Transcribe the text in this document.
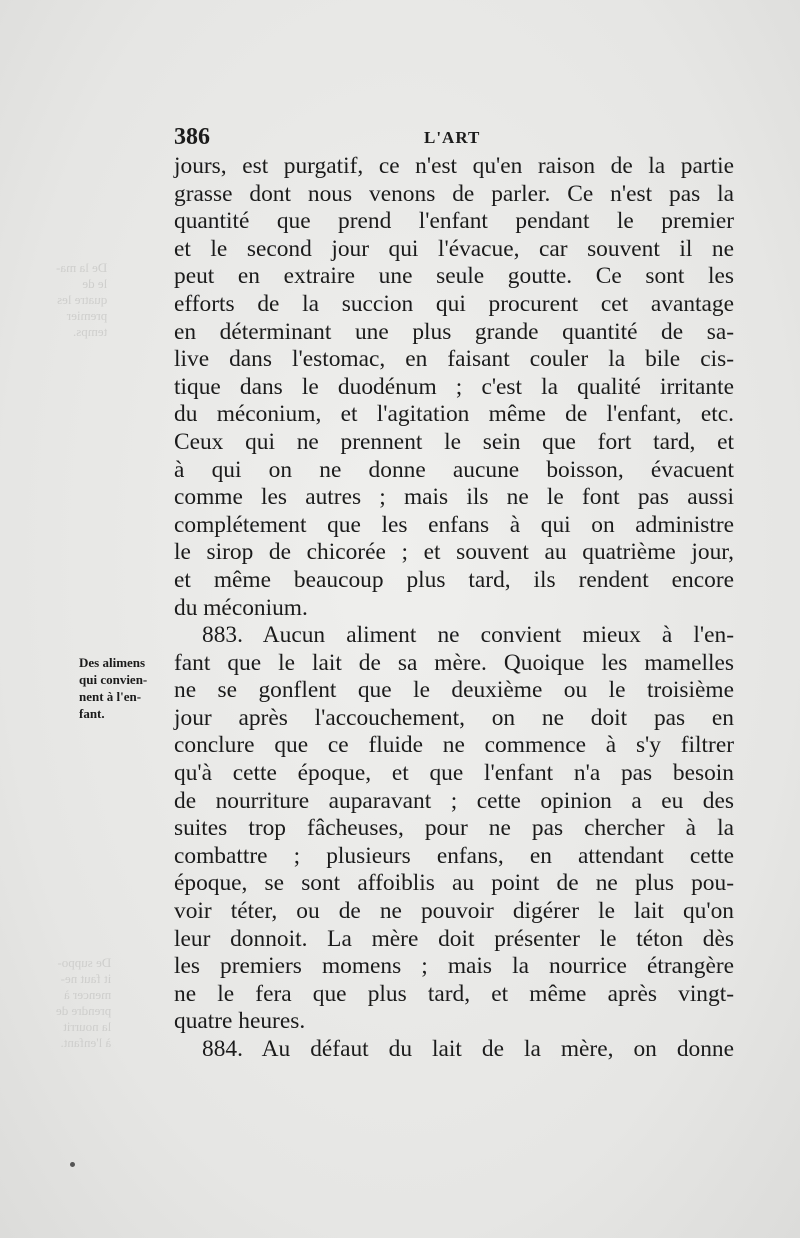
De la ma-
le de
quatre les
premier
temps.
De suppo-
it faut ne-
mencer à
prendre de
la nourrit
à l'enfant.
386	L'ART
Des alimens
qui convien-
nent à l'en-
fant.
jours, est purgatif, ce n'est qu'en raison de la partie
grasse dont nous venons de parler. Ce n'est pas la
quantité que prend l'enfant pendant le premier
et le second jour qui l'évacue, car souvent il ne
peut en extraire une seule goutte. Ce sont les
efforts de la succion qui procurent cet avantage
en déterminant une plus grande quantité de sa-
live dans l'estomac, en faisant couler la bile cis-
tique dans le duodénum ; c'est la qualité irritante
du méconium, et l'agitation même de l'enfant, etc.
Ceux qui ne prennent le sein que fort tard, et
à qui on ne donne aucune boisson, évacuent
comme les autres ; mais ils ne le font pas aussi
complétement que les enfans à qui on administre
le sirop de chicorée ; et souvent au quatrième jour,
et même beaucoup plus tard, ils rendent encore
du méconium.
883. Aucun aliment ne convient mieux à l'en-
fant que le lait de sa mère. Quoique les mamelles
ne se gonflent que le deuxième ou le troisième
jour après l'accouchement, on ne doit pas en
conclure que ce fluide ne commence à s'y filtrer
qu'à cette époque, et que l'enfant n'a pas besoin
de nourriture auparavant ; cette opinion a eu des
suites trop fâcheuses, pour ne pas chercher à la
combattre ; plusieurs enfans, en attendant cette
époque, se sont affoiblis au point de ne plus pou-
voir téter, ou de ne pouvoir digérer le lait qu'on
leur donnoit. La mère doit présenter le téton dès
les premiers momens ; mais la nourrice étrangère
ne le fera que plus tard, et même après vingt-
quatre heures.
884. Au défaut du lait de la mère, on donne
